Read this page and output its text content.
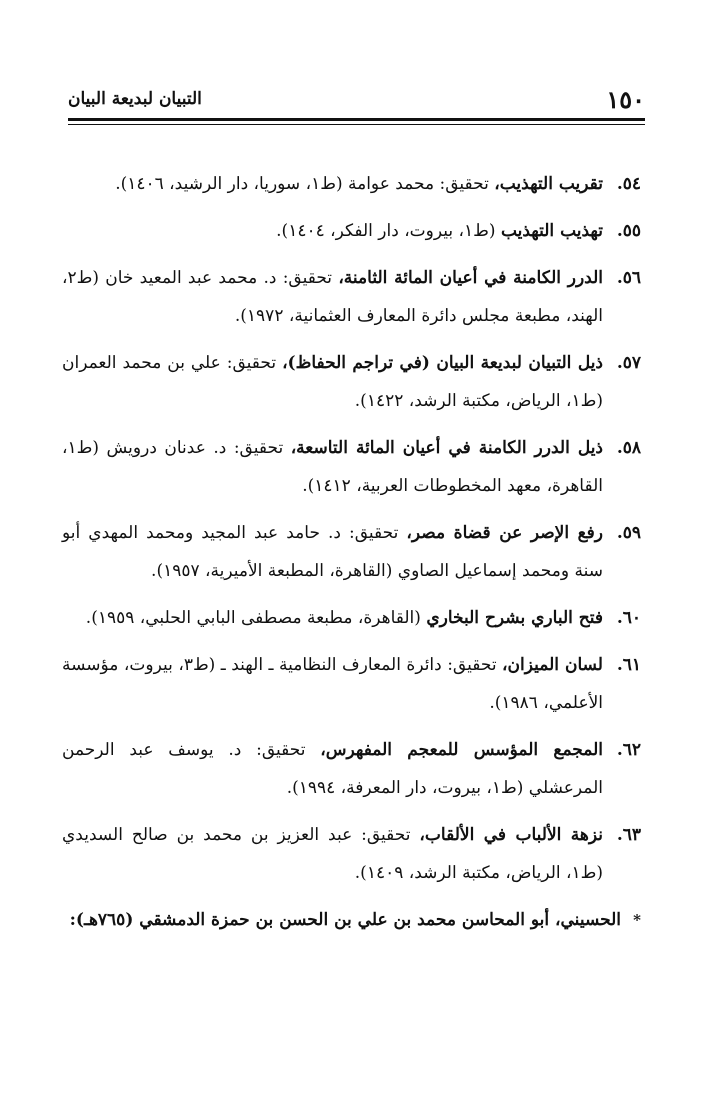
١٥٠
التبيان لبديعة البيان
٥٤.
تقريب التهذيب، تحقيق: محمد عوامة (ط١، سوريا، دار الرشيد، ١٤٠٦).
٥٥.
تهذيب التهذيب (ط١، بيروت، دار الفكر، ١٤٠٤).
٥٦.
الدرر الكامنة في أعيان المائة الثامنة، تحقيق: د. محمد عبد المعيد خان (ط٢، الهند، مطبعة مجلس دائرة المعارف العثمانية، ١٩٧٢).
٥٧.
ذيل التبيان لبديعة البيان (في تراجم الحفاظ)، تحقيق: علي بن محمد العمران (ط١، الرياض، مكتبة الرشد، ١٤٢٢).
٥٨.
ذيل الدرر الكامنة في أعيان المائة التاسعة، تحقيق: د. عدنان درويش (ط١، القاهرة، معهد المخطوطات العربية، ١٤١٢).
٥٩.
رفع الإصر عن قضاة مصر، تحقيق: د. حامد عبد المجيد ومحمد المهدي أبو سنة ومحمد إسماعيل الصاوي (القاهرة، المطبعة الأميرية، ١٩٥٧).
٦٠.
فتح الباري بشرح البخاري (القاهرة، مطبعة مصطفى البابي الحلبي، ١٩٥٩).
٦١.
لسان الميزان، تحقيق: دائرة المعارف النظامية ـ الهند ـ (ط٣، بيروت، مؤسسة الأعلمي، ١٩٨٦).
٦٢.
المجمع المؤسس للمعجم المفهرس، تحقيق: د. يوسف عبد الرحمن المرعشلي (ط١، بيروت، دار المعرفة، ١٩٩٤).
٦٣.
نزهة الألباب في الألقاب، تحقيق: عبد العزيز بن محمد بن صالح السديدي (ط١، الرياض، مكتبة الرشد، ١٤٠٩).
*
الحسيني، أبو المحاسن محمد بن علي بن الحسن بن حمزة الدمشقي (٧٦٥هـ):
